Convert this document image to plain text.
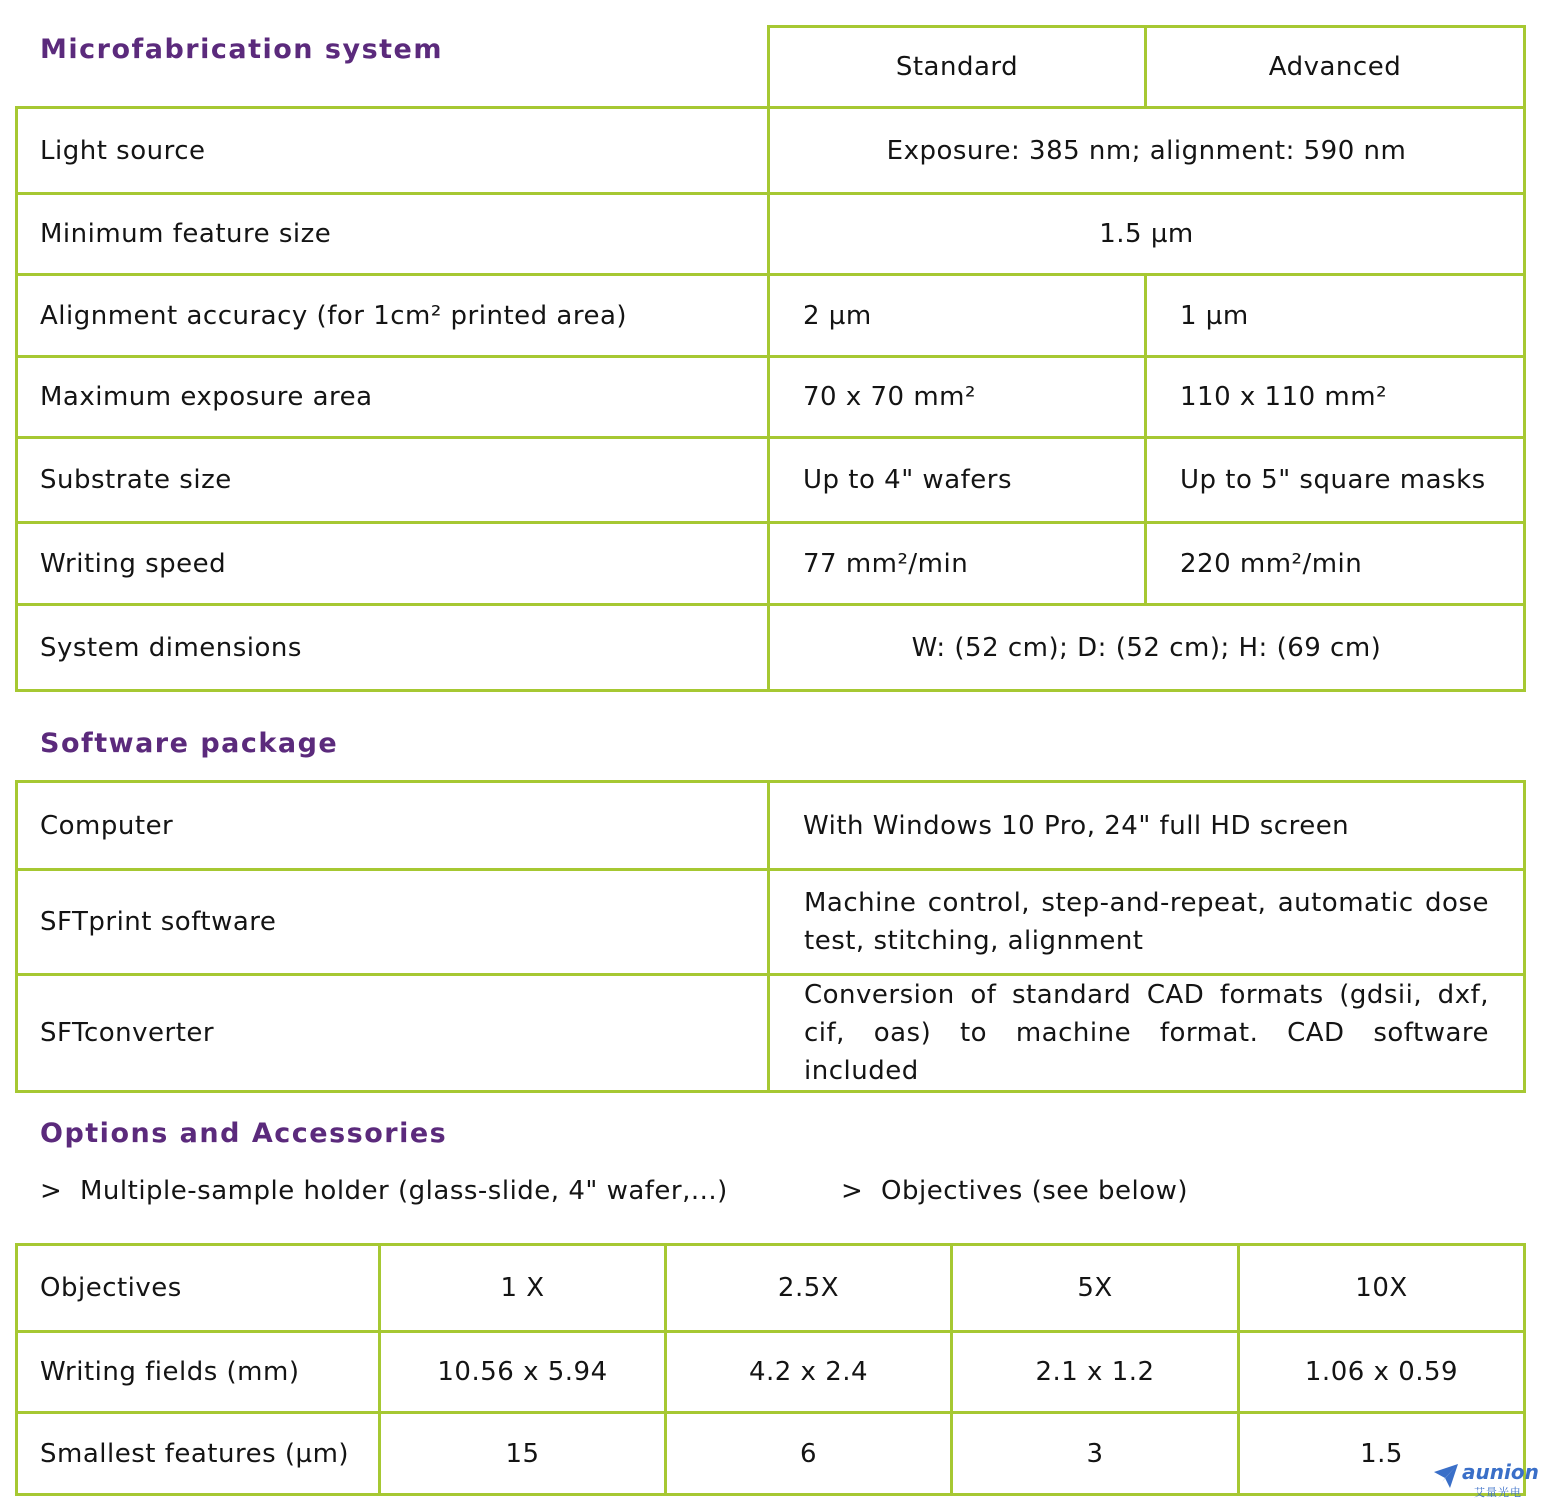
Microfabrication system
	Standard	Advanced
Light source	Exposure: 385 nm; alignment: 590 nm	
Minimum feature size	1.5 µm	
Alignment accuracy (for 1cm² printed area)	2 µm	1 µm
Maximum exposure area	70 x 70 mm²	110 x 110 mm²
Substrate size	Up to 4" wafers	Up to 5" square masks
Writing speed	77 mm²/min	220 mm²/min
System dimensions	W: (52 cm); D: (52 cm); H: (69 cm)	
Software package
Computer	With Windows 10 Pro, 24" full HD screen
SFTprint software	Machine control, step-and-repeat, automatic dose test, stitching, alignment
SFTconverter	Conversion of standard CAD formats (gdsii, dxf, cif, oas) to machine format. CAD software included
Options and Accessories
> Multiple-sample holder (glass-slide, 4" wafer,...)	> Objectives (see below)
Objectives	1 X	2.5X	5X	10X
Writing fields (mm)	10.56 x 5.94	4.2 x 2.4	2.1 x 1.2	1.06 x 0.59
Smallest features (µm)	15	6	3	1.5
aunion
艾量光电
